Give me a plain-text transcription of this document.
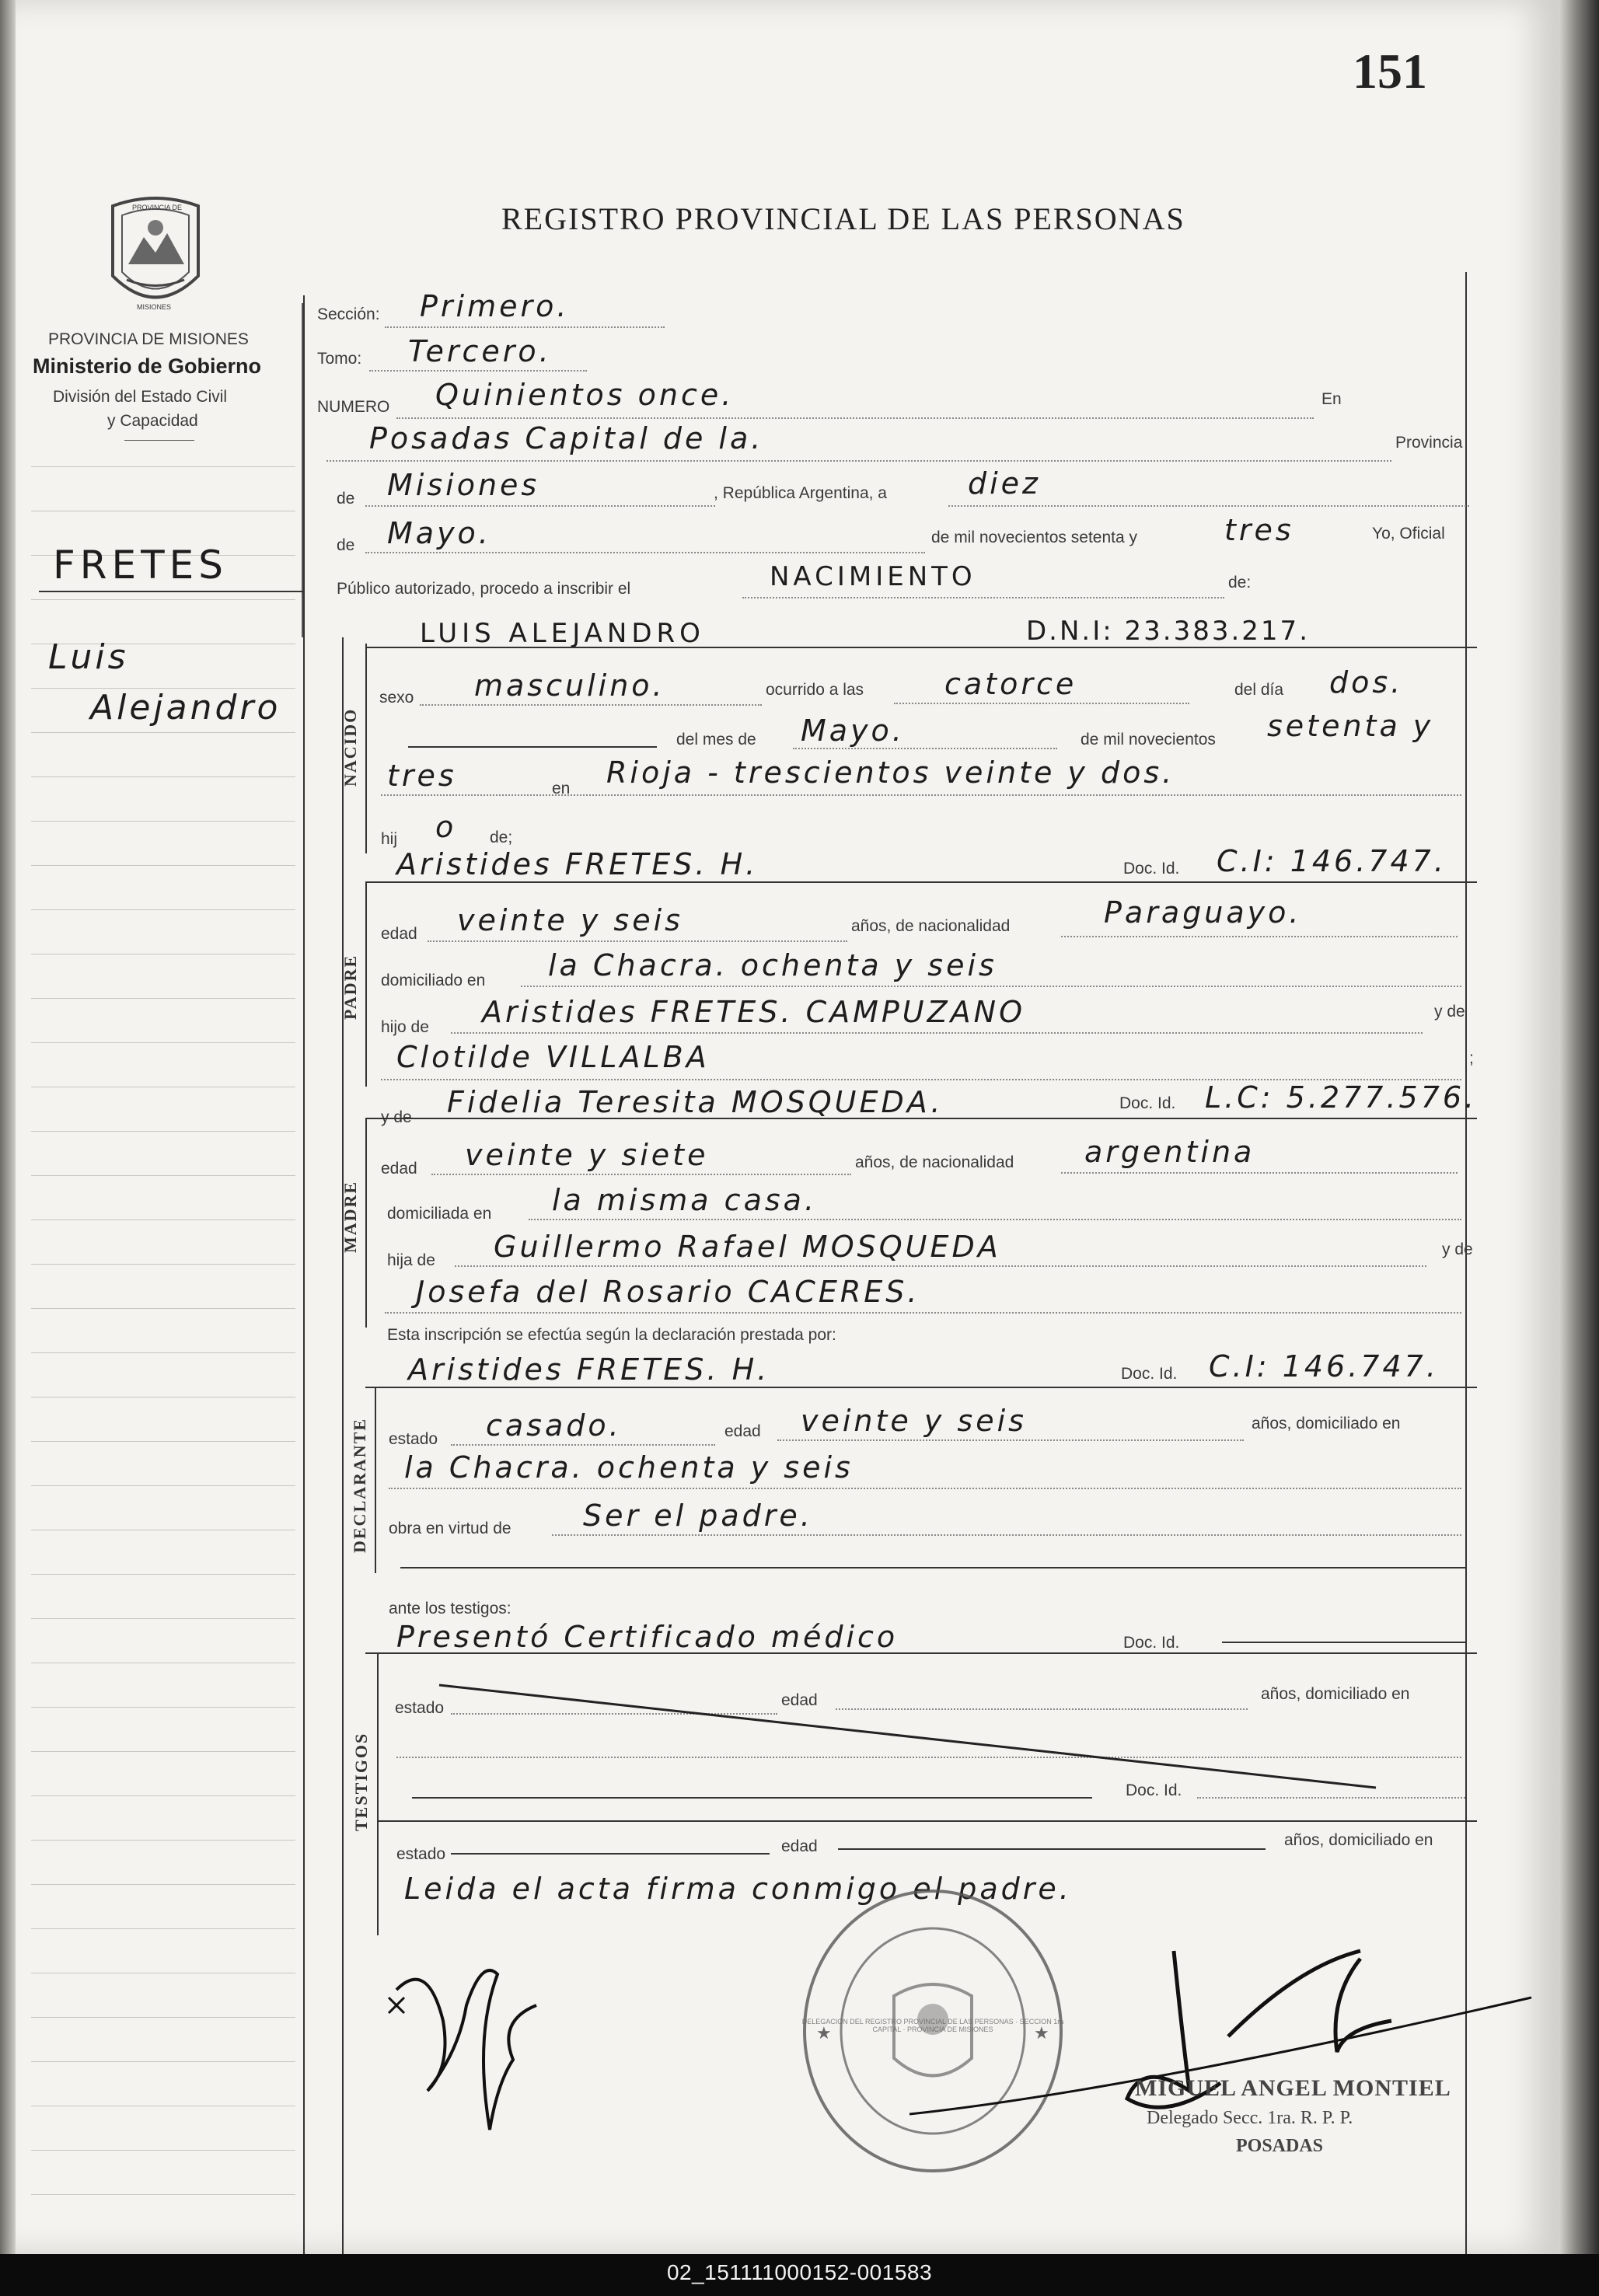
151
PROVINCIA DE
MISIONES
PROVINCIA DE MISIONES
Ministerio de Gobierno
División del Estado Civil
y Capacidad
REGISTRO PROVINCIAL DE LAS PERSONAS
FRETES
Luis
Alejandro
Sección: Primero.
Tomo: Tercero.
NUMERO Quinientos once.	En
Posadas Capital de la.	Provincia
de Misiones	, República Argentina, a	diez
de Mayo.	de mil novecientos setenta y	tres	Yo, Oficial
Público autorizado, procedo a inscribir el	NACIMIENTO	de:
NACIDO
LUIS ALEJANDRO	D.N.I: 23.383.217.
sexo masculino.	ocurrido a las	catorce	del día dos.
del mes de Mayo.	de mil novecientos setenta y
tres	en Rioja - trescientos veinte y dos.
hij o de;
Aristides FRETES. H.	Doc. Id. C.I: 146.747.
PADRE
edad veinte y seis	años, de nacionalidad	Paraguayo.
domiciliado en la Chacra. ochenta y seis
hijo de Aristides FRETES. CAMPUZANO	y de
Clotilde VILLALBA	;
y de Fidelia Teresita MOSQUEDA.	Doc. Id. L.C: 5.277.576.
MADRE
edad veinte y siete	años, de nacionalidad argentina
domiciliada en la misma casa.
hija de Guillermo Rafael MOSQUEDA	y de
Josefa del Rosario CACERES.
Esta inscripción se efectúa según la declaración prestada por:
Aristides FRETES. H.	Doc. Id. C.I: 146.747.
DECLARANTE estado casado.	edad veinte y seis	años, domiciliado en
la Chacra. ochenta y seis
obra en virtud de Ser el padre.
ante los testigos:
Presentó Certificado médico	Doc. Id.
TESTIGOS
estado	edad	años, domiciliado en
Doc. Id.
estado	edad	años, domiciliado en
Leida el acta firma conmigo el padre.
★	★
DELEGACION DEL REGISTRO PROVINCIAL DE LAS PERSONAS · SECCION 1ra CAPITAL · PROVINCIA DE MISIONES
MIGUEL ANGEL MONTIEL
Delegado Secc. 1ra. R. P. P.
POSADAS
02_151111000152-001583
